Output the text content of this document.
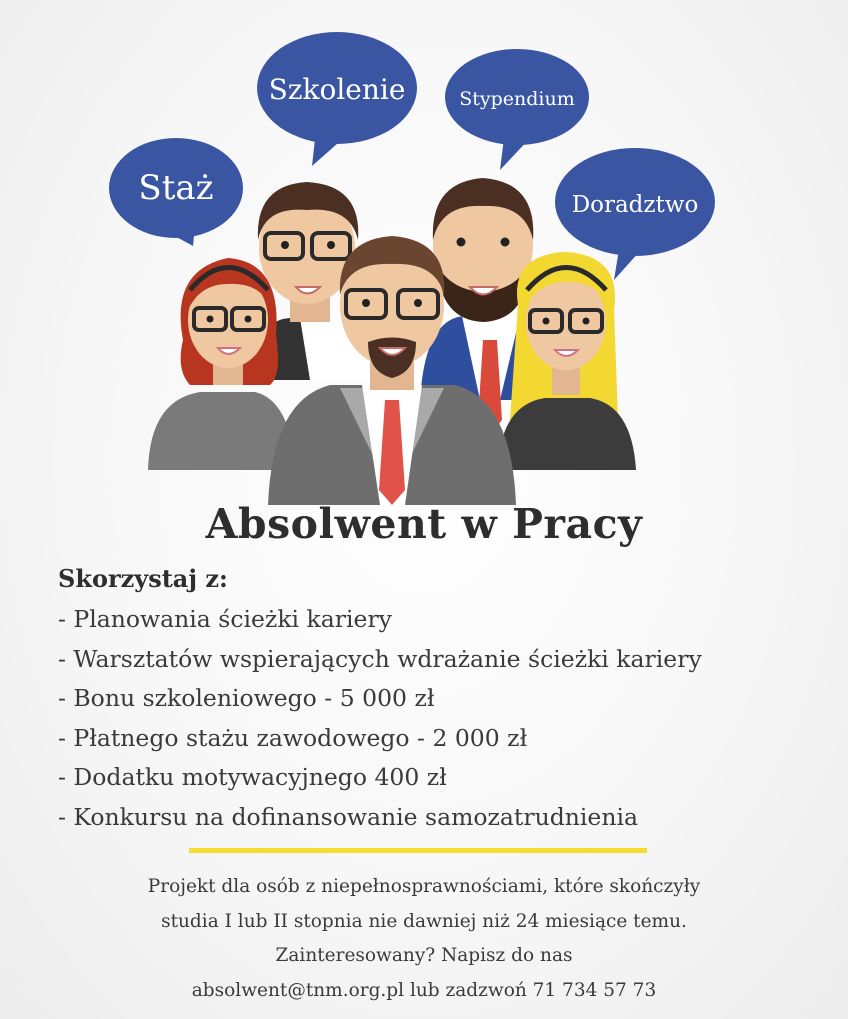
Staż
Szkolenie	Stypendium
Doradztwo
Absolwent w Pracy
Skorzystaj z:
- Planowania ścieżki kariery
- Warsztatów wspierających wdrażanie ścieżki kariery
- Bonu szkoleniowego - 5 000 zł
- Płatnego stażu zawodowego - 2 000 zł
- Dodatku motywacyjnego 400 zł
- Konkursu na dofinansowanie samozatrudnienia
Projekt dla osób z niepełnosprawnościami, które skończyły
studia I lub II stopnia nie dawniej niż 24 miesiące temu.
Zainteresowany? Napisz do nas
absolwent@tnm.org.pl lub zadzwoń 71 734 57 73
